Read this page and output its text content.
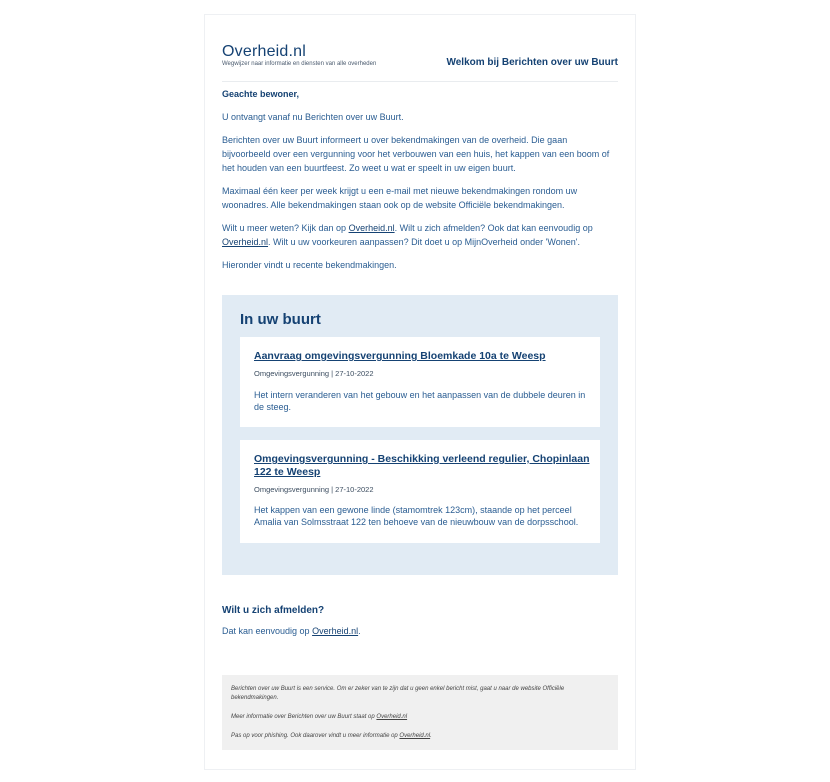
Overheid.nl
Wegwijzer naar informatie en diensten van alle overheden	Welkom bij Berichten over uw Buurt

Geachte bewoner,

U ontvangt vanaf nu Berichten over uw Buurt.

Berichten over uw Buurt informeert u over bekendmakingen van de overheid. Die gaan bijvoorbeeld over een vergunning voor het verbouwen van een huis, het kappen van een boom of het houden van een buurtfeest. Zo weet u wat er speelt in uw eigen buurt.

Maximaal één keer per week krijgt u een e-mail met nieuwe bekendmakingen rondom uw woonadres. Alle bekendmakingen staan ook op de website Officiële bekendmakingen.

Wilt u meer weten? Kijk dan op Overheid.nl. Wilt u zich afmelden? Ook dat kan eenvoudig op Overheid.nl. Wilt u uw voorkeuren aanpassen? Dit doet u op MijnOverheid onder 'Wonen'.

Hieronder vindt u recente bekendmakingen.

In uw buurt
Aanvraag omgevingsvergunning Bloemkade 10a te Weesp
Omgevingsvergunning | 27-10-2022
Het intern veranderen van het gebouw en het aanpassen van de dubbele deuren in de steeg.
Omgevingsvergunning - Beschikking verleend regulier, Chopinlaan 122 te Weesp
Omgevingsvergunning | 27-10-2022
Het kappen van een gewone linde (stamomtrek 123cm), staande op het perceel Amalia van Solmsstraat 122 ten behoeve van de nieuwbouw van de dorpsschool.

Wilt u zich afmelden?

Dat kan eenvoudig op Overheid.nl.

Berichten over uw Buurt is een service. Om er zeker van te zijn dat u geen enkel bericht mist, gaat u naar de website Officiële bekendmakingen.
Meer informatie over Berichten over uw Buurt staat op Overheid.nl
Pas op voor phishing. Ook daarover vindt u meer informatie op Overheid.nl.
